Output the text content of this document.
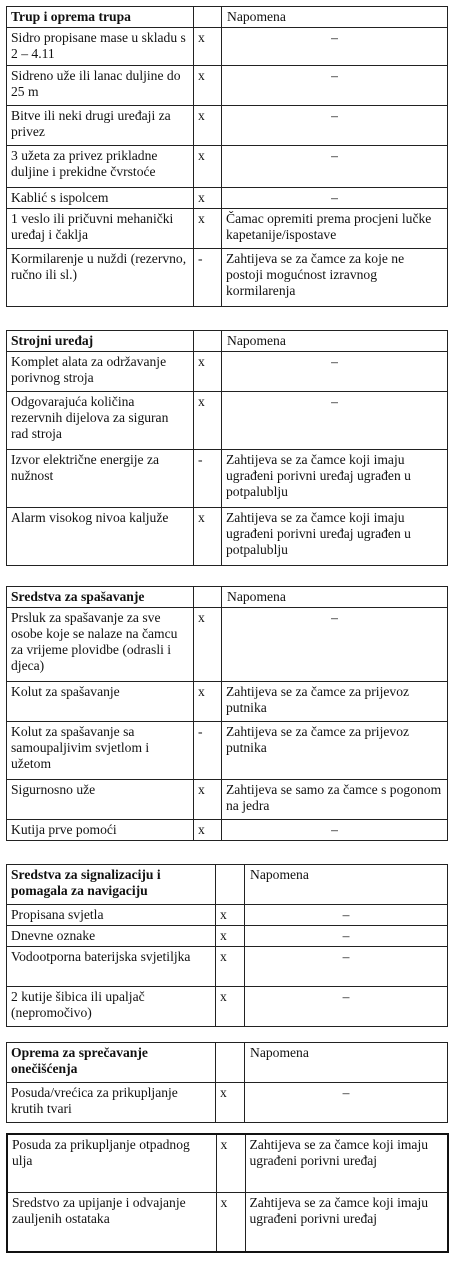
Trup i oprema trupa		Napomena
Sidro propisane mase u skladu s 2 – 4.11	x	–
Sidreno uže ili lanac duljine do 25 m	x	–
Bitve ili neki drugi uređaji za privez	x	–
3 užeta za privez prikladne duljine i prekidne čvrstoće	x	–
Kablić s ispolcem	x	–
1 veslo ili pričuvni mehanički uređaj i čaklja	x	Čamac opremiti prema procjeni lučke kapetanije/ispostave
Kormilarenje u nuždi (rezervno, ručno ili sl.)	-	Zahtijeva se za čamce za koje ne postoji mogućnost izravnog kormilarenja
Strojni uređaj		Napomena
Komplet alata za održavanje porivnog stroja	x	–
Odgovarajuća količina rezervnih dijelova za siguran rad stroja	x	–
Izvor električne energije za nužnost	-	Zahtijeva se za čamce koji imaju ugrađeni porivni uređaj ugrađen u potpalublju
Alarm visokog nivoa kaljuže	x	Zahtijeva se za čamce koji imaju ugrađeni porivni uređaj ugrađen u potpalublju
Sredstva za spašavanje		Napomena
Prsluk za spašavanje za sve osobe koje se nalaze na čamcu za vrijeme plovidbe (odrasli i djeca)	x	–
Kolut za spašavanje	x	Zahtijeva se za čamce za prijevoz putnika
Kolut za spašavanje sa samoupaljivim svjetlom i užetom	-	Zahtijeva se za čamce za prijevoz putnika
Sigurnosno uže	x	Zahtijeva se samo za čamce s pogonom na jedra
Kutija prve pomoći	x	–
Sredstva za signalizaciju i pomagala za navigaciju		Napomena
Propisana svjetla	x	–
Dnevne oznake	x	–
Vodootporna baterijska svjetiljka	x	–
2 kutije šibica ili upaljač (nepromočivo)	x	–
Oprema za sprečavanje onečišćenja		Napomena
Posuda/vrećica za prikupljanje krutih tvari	x	–
Posuda za prikupljanje otpadnog ulja	x	Zahtijeva se za čamce koji imaju ugrađeni porivni uređaj
Sredstvo za upijanje i odvajanje zauljenih ostataka	x	Zahtijeva se za čamce koji imaju ugrađeni porivni uređaj
